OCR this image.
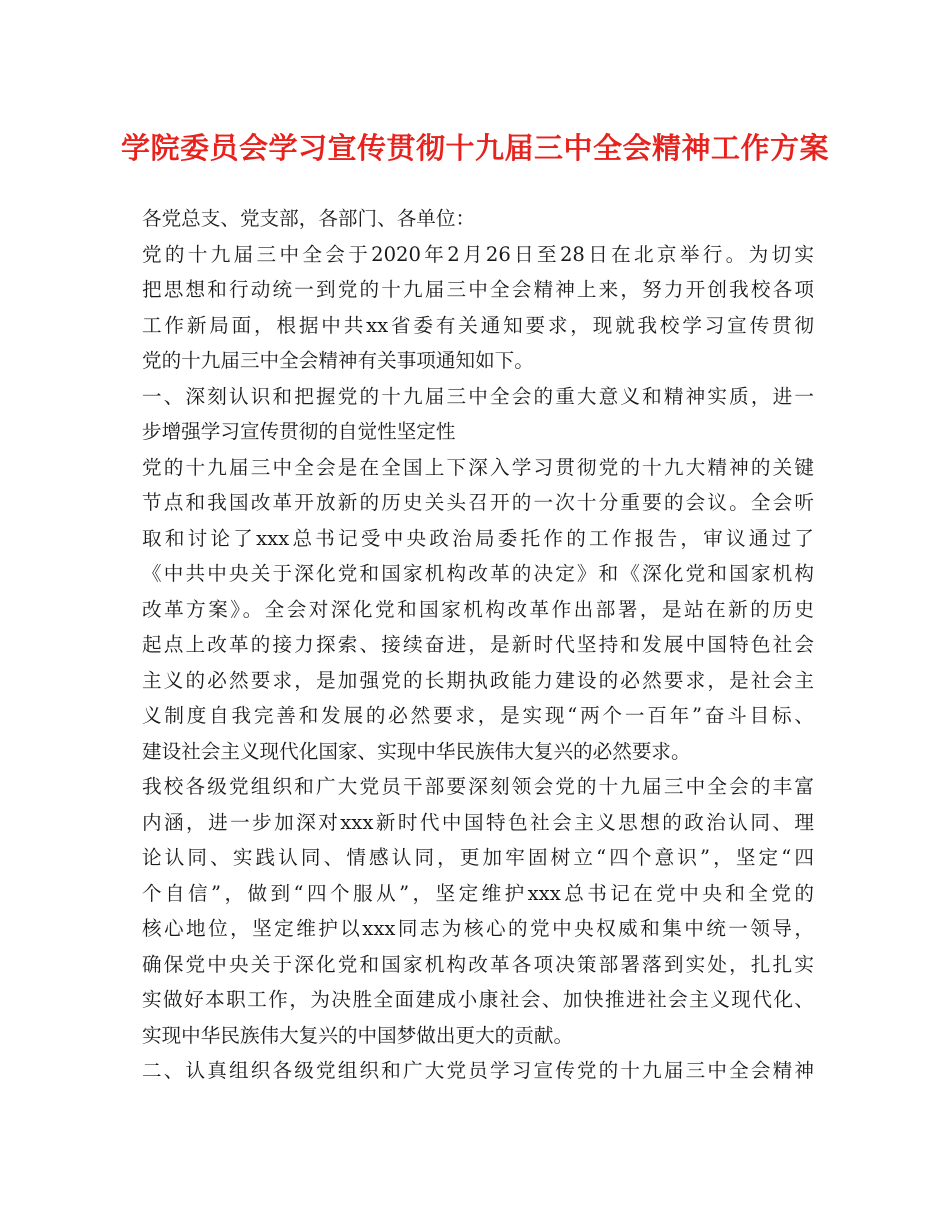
学院委员会学习宣传贯彻十九届三中全会精神工作方案
各党总支、党支部，各部门、各单位：
党的十九届三中全会于2020年2月26日至28日在北京举行。为切实
把思想和行动统一到党的十九届三中全会精神上来，努力开创我校各项
工作新局面，根据中共xx省委有关通知要求，现就我校学习宣传贯彻
党的十九届三中全会精神有关事项通知如下。
一、深刻认识和把握党的十九届三中全会的重大意义和精神实质，进一
步增强学习宣传贯彻的自觉性坚定性
党的十九届三中全会是在全国上下深入学习贯彻党的十九大精神的关键
节点和我国改革开放新的历史关头召开的一次十分重要的会议。全会听
取和讨论了xxx总书记受中央政治局委托作的工作报告，审议通过了
《中共中央关于深化党和国家机构改革的决定》和《深化党和国家机构
改革方案》。全会对深化党和国家机构改革作出部署，是站在新的历史
起点上改革的接力探索、接续奋进，是新时代坚持和发展中国特色社会
主义的必然要求，是加强党的长期执政能力建设的必然要求，是社会主
义制度自我完善和发展的必然要求，是实现“两个一百年”奋斗目标、
建设社会主义现代化国家、实现中华民族伟大复兴的必然要求。
我校各级党组织和广大党员干部要深刻领会党的十九届三中全会的丰富
内涵，进一步加深对xxx新时代中国特色社会主义思想的政治认同、理
论认同、实践认同、情感认同，更加牢固树立“四个意识”，坚定“四
个自信”，做到“四个服从”，坚定维护xxx总书记在党中央和全党的
核心地位，坚定维护以xxx同志为核心的党中央权威和集中统一领导，
确保党中央关于深化党和国家机构改革各项决策部署落到实处，扎扎实
实做好本职工作，为决胜全面建成小康社会、加快推进社会主义现代化、
实现中华民族伟大复兴的中国梦做出更大的贡献。
二、认真组织各级党组织和广大党员学习宣传党的十九届三中全会精神
